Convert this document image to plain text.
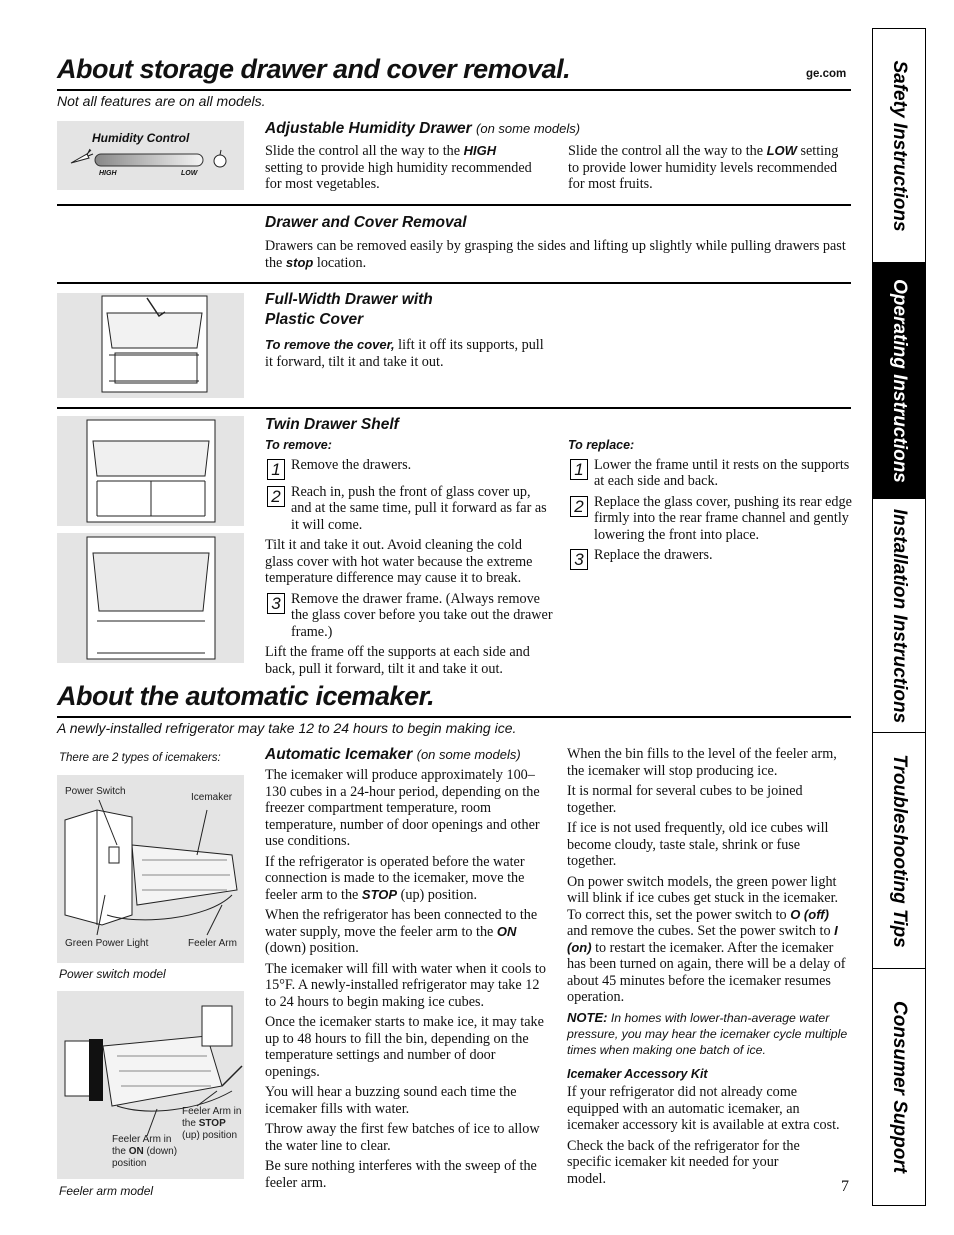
About storage drawer and cover removal.	ge.com
Not all features are on all models.
Humidity Control
HIGH	LOW
Adjustable Humidity Drawer (on some models)
Slide the control all the way to the HIGH setting to provide high humidity recommended for most vegetables.
Slide the control all the way to the LOW setting to provide lower humidity levels recommended for most fruits.
Drawer and Cover Removal
Drawers can be removed easily by grasping the sides and lifting up slightly while pulling drawers past the stop location.
Full-Width Drawer with
Plastic Cover
To remove the cover, lift it off its supports, pull it forward, tilt it and take it out.
Twin Drawer Shelf
To remove:
1 Remove the drawers.
2 Reach in, push the front of glass cover up, and at the same time, pull it forward as far as it will come.

Tilt it and take it out. Avoid cleaning the cold glass cover with hot water because the extreme temperature difference may cause it to break.

3 Remove the drawer frame. (Always remove the glass cover before you take out the drawer frame.)

Lift the frame off the supports at each side and back, pull it forward, tilt it and take it out.

To replace:
1 Lower the frame until it rests on the supports at each side and back.
2 Replace the glass cover, pushing its rear edge firmly into the rear frame channel and gently lowering the front into place.
3 Replace the drawers.
About the automatic icemaker.
A newly-installed refrigerator may take 12 to 24 hours to begin making ice.
There are 2 types of icemakers:
Power Switch
Icemaker
Green Power Light	Feeler Arm
Power switch model
Feeler Arm in the STOP (up) position
Feeler Arm in the ON (down) position
Feeler arm model
Automatic Icemaker (on some models)

The icemaker will produce approximately 100–130 cubes in a 24-hour period, depending on the freezer compartment temperature, room temperature, number of door openings and other use conditions.

If the refrigerator is operated before the water connection is made to the icemaker, move the feeler arm to the STOP (up) position.

When the refrigerator has been connected to the water supply, move the feeler arm to the ON (down) position.

The icemaker will fill with water when it cools to 15°F. A newly-installed refrigerator may take 12 to 24 hours to begin making ice cubes.

Once the icemaker starts to make ice, it may take up to 48 hours to fill the bin, depending on the temperature settings and number of door openings.

You will hear a buzzing sound each time the icemaker fills with water.

Throw away the first few batches of ice to allow the water line to clear.

Be sure nothing interferes with the sweep of the feeler arm.

When the bin fills to the level of the feeler arm, the icemaker will stop producing ice.

It is normal for several cubes to be joined together.

If ice is not used frequently, old ice cubes will become cloudy, taste stale, shrink or fuse together.

On power switch models, the green power light will blink if ice cubes get stuck in the icemaker. To correct this, set the power switch to O (off) and remove the cubes. Set the power switch to I (on) to restart the icemaker. After the icemaker has been turned on again, there will be a delay of about 45 minutes before the icemaker resumes operation.

NOTE: In homes with lower-than-average water pressure, you may hear the icemaker cycle multiple times when making one batch of ice.

Icemaker Accessory Kit

If your refrigerator did not already come equipped with an automatic icemaker, an icemaker accessory kit is available at extra cost.

Check the back of the refrigerator for the specific icemaker kit needed for your model.	7
Safety Instructions
Operating Instructions
Installation Instructions
Troubleshooting Tips
Consumer Support
